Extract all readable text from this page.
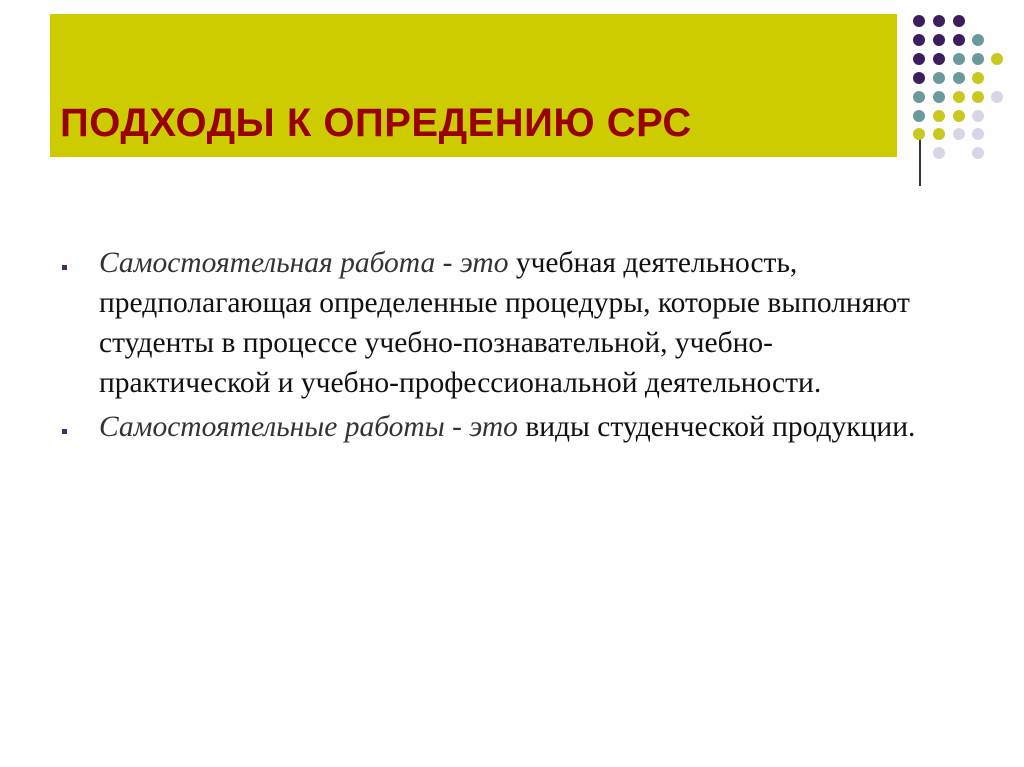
ПОДХОДЫ К ОПРЕДЕНИЮ СРС

Самостоятельная работа - это учебная деятельность, предполагающая определенные процедуры, которые выполняют студенты в процессе учебно-познавательной, учебно-практической и учебно-профессиональной деятельности.

Самостоятельные работы - это виды студенческой продукции.
